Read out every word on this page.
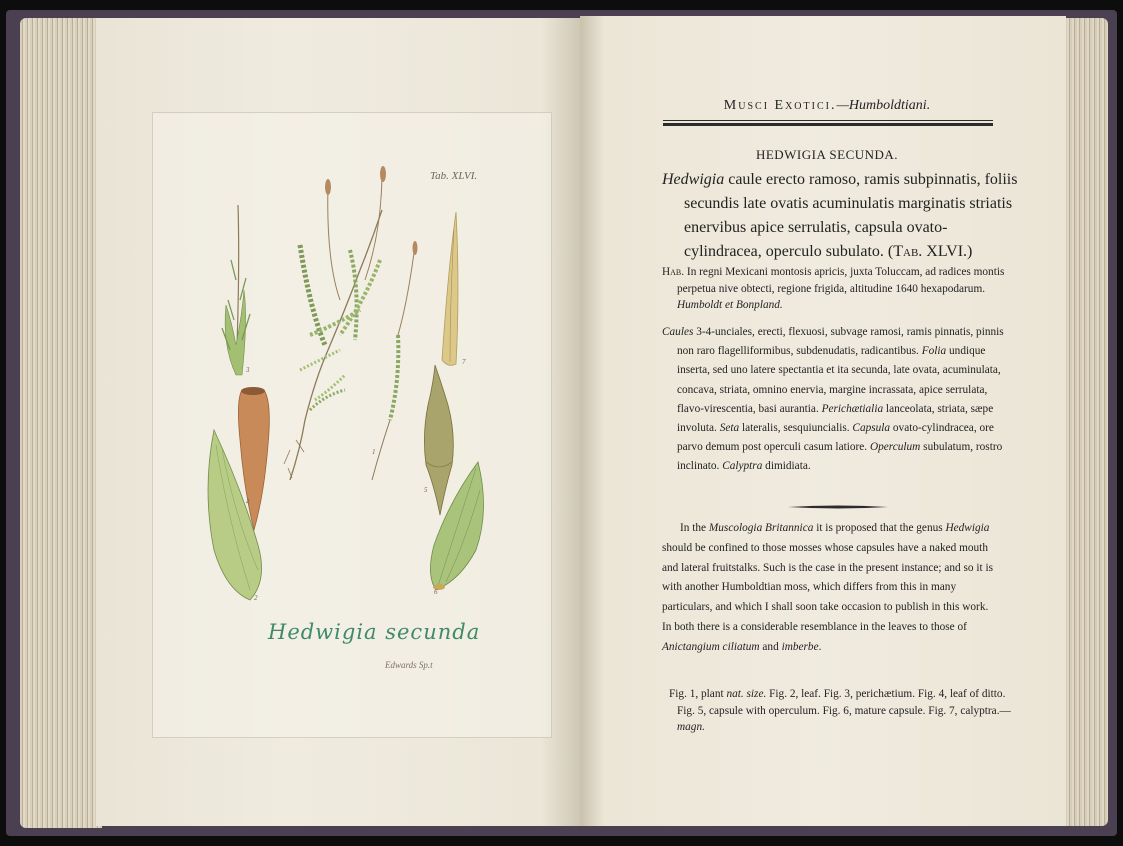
Tab. XLVI.
3
4
5
2
6
7
1
Hedwigia secunda
Edwards Sp.t
Musci Exotici.—Humboldtiani.
HEDWIGIA SECUNDA.
Hedwigia caule erecto ramoso, ramis subpinnatis, foliis secundis late ovatis acuminulatis marginatis striatis enervibus apice serrulatis, capsula ovato-cylindracea, operculo subulato. (Tab. XLVI.)
Hab. In regni Mexicani montosis apricis, juxta Toluccam, ad radices montis perpetua nive obtecti, regione frigida, altitudine 1640 hexapodarum. Humboldt et Bonpland.
Caules 3-4-unciales, erecti, flexuosi, subvage ramosi, ramis pinnatis, pinnis non raro flagelliformibus, subdenudatis, radicantibus. Folia undique inserta, sed uno latere spectantia et ita secunda, late ovata, acuminulata, concava, striata, omnino enervia, margine incrassata, apice serrulata, flavo-virescentia, basi aurantia. Perichætialia lanceolata, striata, sæpe involuta. Seta lateralis, sesquiuncialis. Capsula ovato-cylindracea, ore parvo demum post operculi casum latiore. Operculum subulatum, rostro inclinato. Calyptra dimidiata.
In the Muscologia Britannica it is proposed that the genus Hedwigia should be confined to those mosses whose capsules have a naked mouth and lateral fruitstalks. Such is the case in the present instance; and so it is with another Humboldtian moss, which differs from this in many particulars, and which I shall soon take occasion to publish in this work. In both there is a considerable resemblance in the leaves to those of Anictangium ciliatum and imberbe.
Fig. 1, plant nat. size. Fig. 2, leaf. Fig. 3, perichætium. Fig. 4, leaf of ditto. Fig. 5, capsule with operculum. Fig. 6, mature capsule. Fig. 7, calyptra.—magn.
